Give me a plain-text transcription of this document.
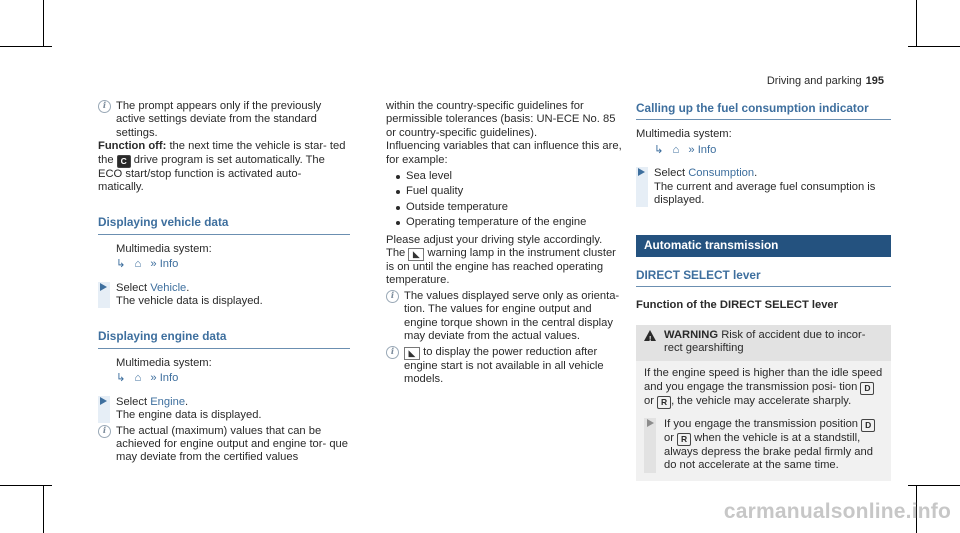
Driving and parking 195
i The prompt appears only if the previously active settings deviate from the standard settings.
Function off: the next time the vehicle is star- ted the C drive program is set automatically. The ECO start/stop function is activated auto- matically.
Displaying vehicle data
Multimedia system:
↳ ⌂ » Info
Select Vehicle.
The vehicle data is displayed.
Displaying engine data
Multimedia system:
↳ ⌂ » Info
Select Engine.
The engine data is displayed.
i The actual (maximum) values that can be achieved for engine output and engine tor- que may deviate from the certified values
within the country-specific guidelines for permissible tolerances (basis: UN-ECE No. 85 or country-specific guidelines).
Influencing variables that can influence this are, for example:
Sea level
Fuel quality
Outside temperature
Operating temperature of the engine
Please adjust your driving style accordingly.
The ◣ warning lamp in the instrument cluster is on until the engine has reached operating temperature.
i The values displayed serve only as orienta- tion. The values for engine output and engine torque shown in the central display may deviate from the actual values.
i	◣ to display the power reduction after engine start is not available in all vehicle models.
Calling up the fuel consumption indicator
Multimedia system:
↳ ⌂ » Info
Select Consumption.
The current and average fuel consumption is displayed.
Automatic transmission
DIRECT SELECT lever
Function of the DIRECT SELECT lever
! WARNING Risk of accident due to incor- rect gearshifting
If the engine speed is higher than the idle speed and you engage the transmission posi- tion D or R , the vehicle may accelerate sharply.
If you engage the transmission position D or R when the vehicle is at a standstill, always depress the brake pedal firmly and do not accelerate at the same time.
carmanualsonline.info
